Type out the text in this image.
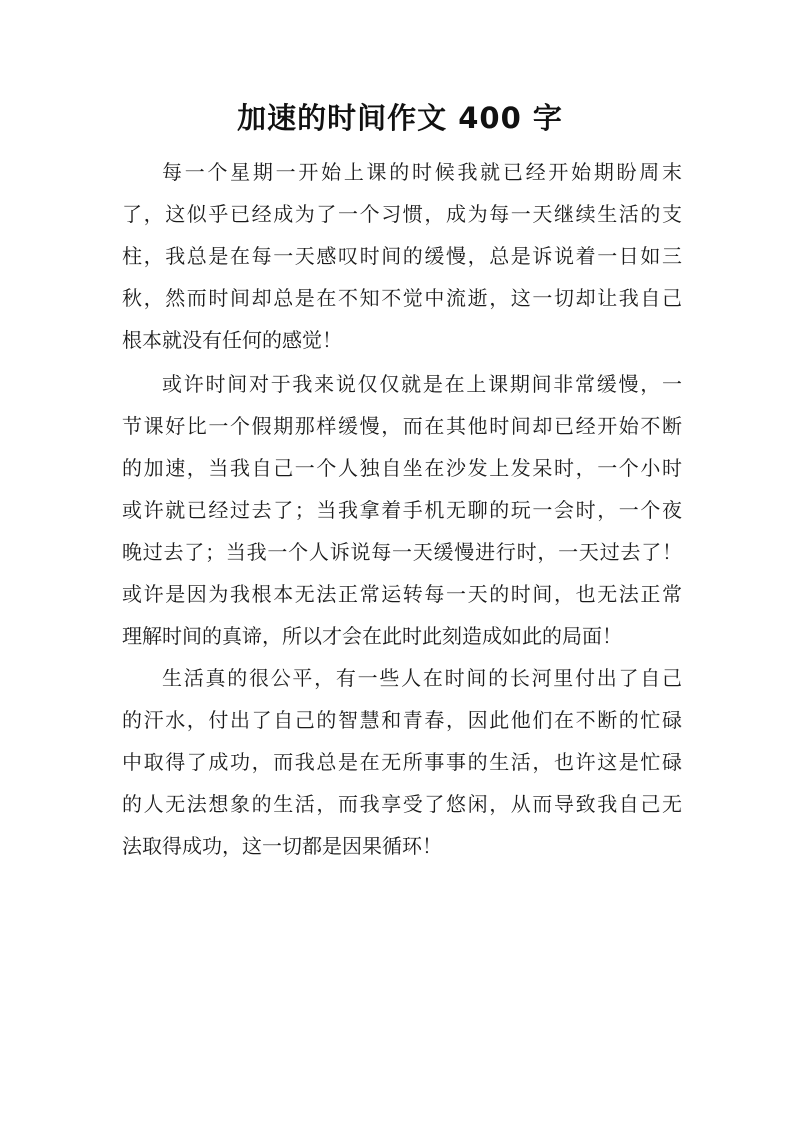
加速的时间作文 400 字
每一个星期一开始上课的时候我就已经开始期盼周末
了，这似乎已经成为了一个习惯，成为每一天继续生活的支
柱，我总是在每一天感叹时间的缓慢，总是诉说着一日如三
秋，然而时间却总是在不知不觉中流逝，这一切却让我自己
根本就没有任何的感觉！
或许时间对于我来说仅仅就是在上课期间非常缓慢，一
节课好比一个假期那样缓慢，而在其他时间却已经开始不断
的加速，当我自己一个人独自坐在沙发上发呆时，一个小时
或许就已经过去了；当我拿着手机无聊的玩一会时，一个夜
晚过去了；当我一个人诉说每一天缓慢进行时，一天过去了！
或许是因为我根本无法正常运转每一天的时间，也无法正常
理解时间的真谛，所以才会在此时此刻造成如此的局面！
生活真的很公平，有一些人在时间的长河里付出了自己
的汗水，付出了自己的智慧和青春，因此他们在不断的忙碌
中取得了成功，而我总是在无所事事的生活，也许这是忙碌
的人无法想象的生活，而我享受了悠闲，从而导致我自己无
法取得成功，这一切都是因果循环！
